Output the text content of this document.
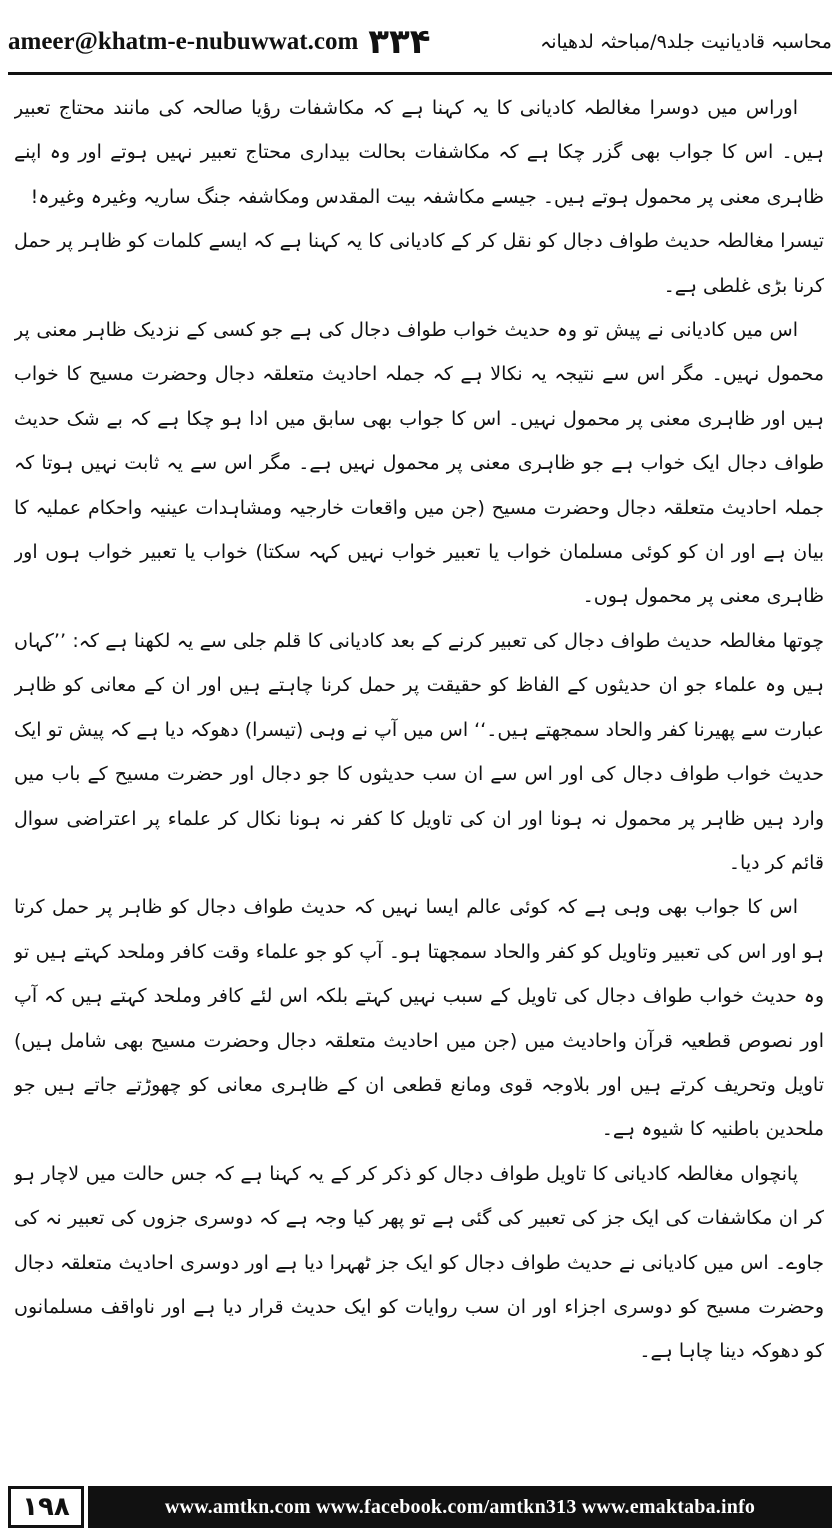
ameer@khatm-e-nubuwwat.com ۳۳۴	محاسبہ قادیانیت جلد۹/مباحثہ لدھیانہ

اوراس میں دوسرا مغالطہ کادیانی کا یہ کہنا ہے کہ مکاشفات رؤیا صالحہ کی مانند محتاج تعبیر ہیں۔ اس کا جواب بھی گزر چکا ہے کہ مکاشفات بحالت بیداری محتاج تعبیر نہیں ہوتے اور وہ اپنے ظاہری معنی پر محمول ہوتے ہیں۔ جیسے مکاشفہ بیت المقدس ومکاشفہ جنگ ساریہ وغیرہ وغیرہ!

تیسرا مغالطہ حدیث طواف دجال کو نقل کر کے کادیانی کا یہ کہنا ہے کہ ایسے کلمات کو ظاہر پر حمل کرنا بڑی غلطی ہے۔

اس میں کادیانی نے پیش تو وہ حدیث خواب طواف دجال کی ہے جو کسی کے نزدیک ظاہر معنی پر محمول نہیں۔ مگر اس سے نتیجہ یہ نکالا ہے کہ جملہ احادیث متعلقہ دجال وحضرت مسیح کا خواب ہیں اور ظاہری معنی پر محمول نہیں۔ اس کا جواب بھی سابق میں ادا ہو چکا ہے کہ بے شک حدیث طواف دجال ایک خواب ہے جو ظاہری معنی پر محمول نہیں ہے۔ مگر اس سے یہ ثابت نہیں ہوتا کہ جملہ احادیث متعلقہ دجال وحضرت مسیح (جن میں واقعات خارجیہ ومشاہدات عینیہ واحکام عملیہ کا بیان ہے اور ان کو کوئی مسلمان خواب یا تعبیر خواب نہیں کہہ سکتا) خواب یا تعبیر خواب ہوں اور ظاہری معنی پر محمول ہوں۔

چوتھا مغالطہ حدیث طواف دجال کی تعبیر کرنے کے بعد کادیانی کا قلم جلی سے یہ لکھنا ہے کہ: ’’کہاں ہیں وہ علماء جو ان حدیثوں کے الفاظ کو حقیقت پر حمل کرنا چاہتے ہیں اور ان کے معانی کو ظاہر عبارت سے پھیرنا کفر والحاد سمجھتے ہیں۔‘‘ اس میں آپ نے وہی (تیسرا) دھوکہ دیا ہے کہ پیش تو ایک حدیث خواب طواف دجال کی اور اس سے ان سب حدیثوں کا جو دجال اور حضرت مسیح کے باب میں وارد ہیں ظاہر پر محمول نہ ہونا اور ان کی تاویل کا کفر نہ ہونا نکال کر علماء پر اعتراضی سوال قائم کر دیا۔

اس کا جواب بھی وہی ہے کہ کوئی عالم ایسا نہیں کہ حدیث طواف دجال کو ظاہر پر حمل کرتا ہو اور اس کی تعبیر وتاویل کو کفر والحاد سمجھتا ہو۔ آپ کو جو علماء وقت کافر وملحد کہتے ہیں تو وہ حدیث خواب طواف دجال کی تاویل کے سبب نہیں کہتے بلکہ اس لئے کافر وملحد کہتے ہیں کہ آپ اور نصوص قطعیہ قرآن واحادیث میں (جن میں احادیث متعلقہ دجال وحضرت مسیح بھی شامل ہیں) تاویل وتحریف کرتے ہیں اور بلاوجہ قوی ومانع قطعی ان کے ظاہری معانی کو چھوڑتے جاتے ہیں جو ملحدین باطنیہ کا شیوہ ہے۔

پانچواں مغالطہ کادیانی کا تاویل طواف دجال کو ذکر کر کے یہ کہنا ہے کہ جس حالت میں لاچار ہو کر ان مکاشفات کی ایک جز کی تعبیر کی گئی ہے تو پھر کیا وجہ ہے کہ دوسری جزوں کی تعبیر نہ کی جاوے۔ اس میں کادیانی نے حدیث طواف دجال کو ایک جز ٹھہرا دیا ہے اور دوسری احادیث متعلقہ دجال وحضرت مسیح کو دوسری اجزاء اور ان سب روایات کو ایک حدیث قرار دیا ہے اور ناواقف مسلمانوں کو دھوکہ دینا چاہا ہے۔

۱۹۸	www.amtkn.com www.facebook.com/amtkn313 www.emaktaba.info
